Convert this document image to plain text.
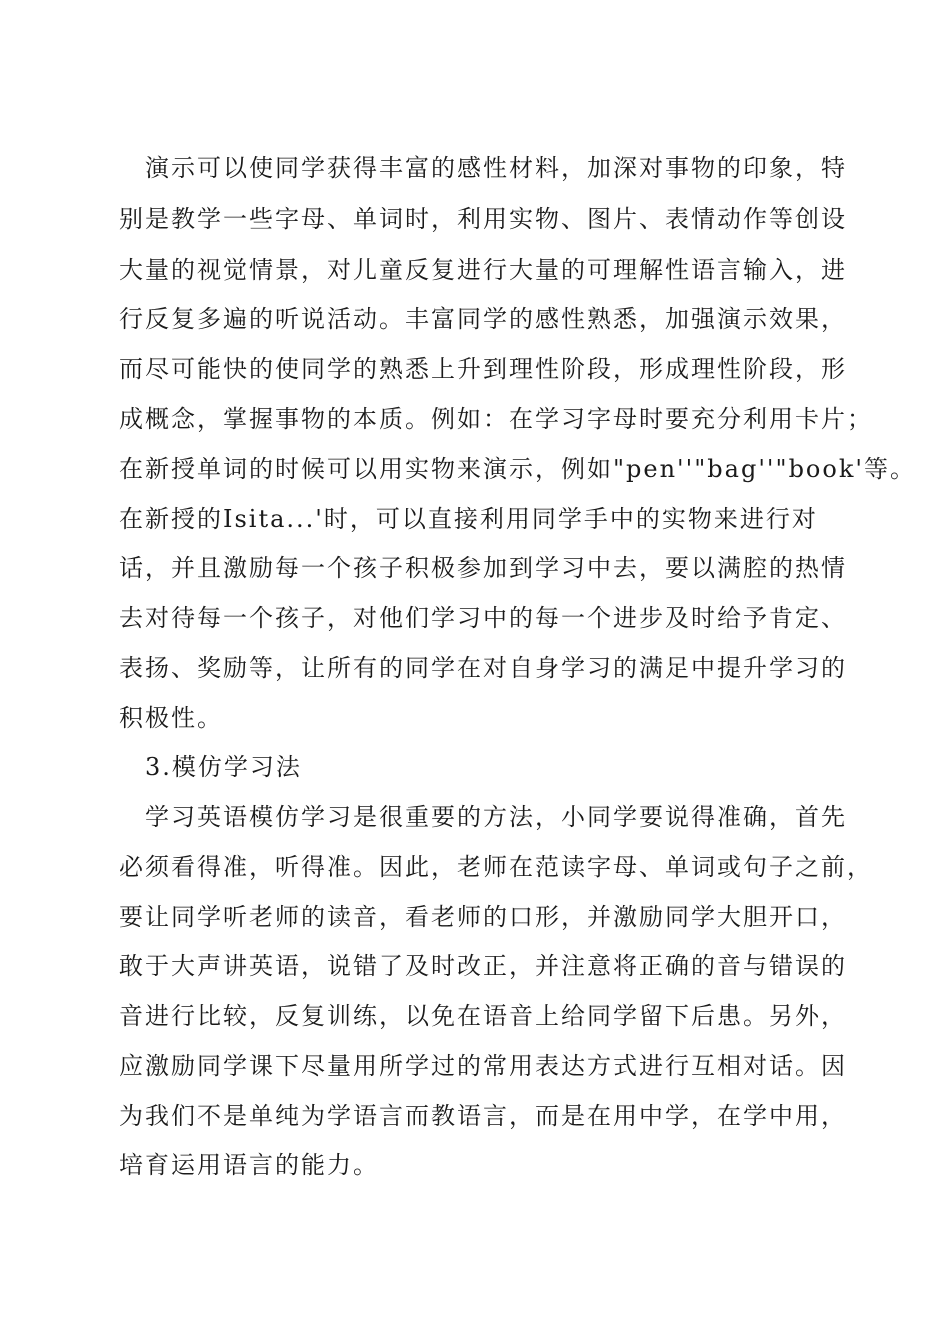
　演示可以使同学获得丰富的感性材料，加深对事物的印象，特
别是教学一些字母、单词时，利用实物、图片、表情动作等创设
大量的视觉情景，对儿童反复进行大量的可理解性语言输入，进
行反复多遍的听说活动。丰富同学的感性熟悉，加强演示效果，
而尽可能快的使同学的熟悉上升到理性阶段，形成理性阶段，形
成概念，掌握事物的本质。例如：在学习字母时要充分利用卡片；
在新授单词的时候可以用实物来演示，例如"pen''"bag''"book'等。
在新授的Isita...'时，可以直接利用同学手中的实物来进行对
话，并且激励每一个孩子积极参加到学习中去，要以满腔的热情
去对待每一个孩子，对他们学习中的每一个进步及时给予肯定、
表扬、奖励等，让所有的同学在对自身学习的满足中提升学习的
积极性。
　3.模仿学习法
　学习英语模仿学习是很重要的方法，小同学要说得准确，首先
必须看得准，听得准。因此，老师在范读字母、单词或句子之前，
要让同学听老师的读音，看老师的口形，并激励同学大胆开口，
敢于大声讲英语，说错了及时改正，并注意将正确的音与错误的
音进行比较，反复训练，以免在语音上给同学留下后患。另外，
应激励同学课下尽量用所学过的常用表达方式进行互相对话。因
为我们不是单纯为学语言而教语言，而是在用中学，在学中用，
培育运用语言的能力。
